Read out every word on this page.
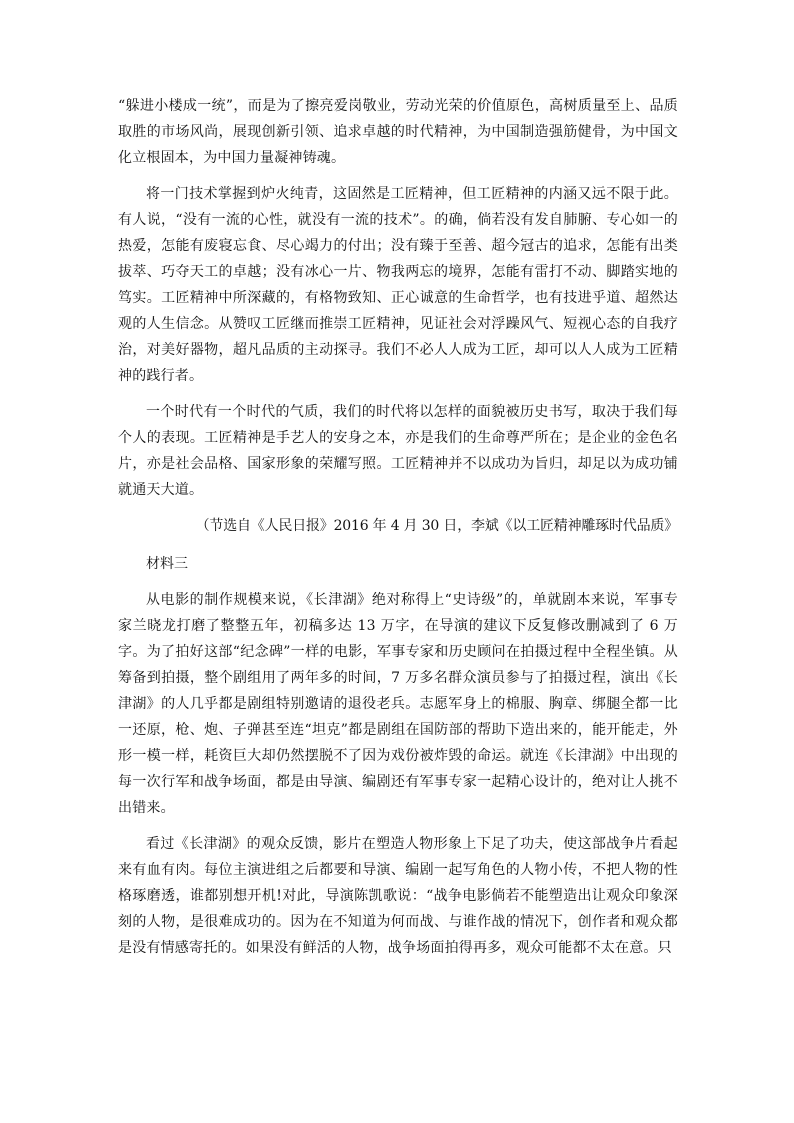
“躲进小楼成一统”，而是为了擦亮爱岗敬业，劳动光荣的价值原色，高树质量至上、品质取胜的市场风尚，展现创新引领、追求卓越的时代精神，为中国制造强筋健骨，为中国文化立根固本，为中国力量凝神铸魂。

将一门技术掌握到炉火纯青，这固然是工匠精神，但工匠精神的内涵又远不限于此。有人说，“没有一流的心性，就没有一流的技术”。的确，倘若没有发自肺腑、专心如一的热爱，怎能有废寝忘食、尽心竭力的付出；没有臻于至善、超今冠古的追求，怎能有出类拔萃、巧夺天工的卓越；没有冰心一片、物我两忘的境界，怎能有雷打不动、脚踏实地的笃实。工匠精神中所深藏的，有格物致知、正心诚意的生命哲学，也有技进乎道、超然达观的人生信念。从赞叹工匠继而推崇工匠精神，见证社会对浮躁风气、短视心态的自我疗治，对美好器物，超凡品质的主动探寻。我们不必人人成为工匠，却可以人人成为工匠精神的践行者。

一个时代有一个时代的气质，我们的时代将以怎样的面貌被历史书写，取决于我们每个人的表现。工匠精神是手艺人的安身之本，亦是我们的生命尊严所在；是企业的金色名片，亦是社会品格、国家形象的荣耀写照。工匠精神并不以成功为旨归，却足以为成功铺就通天大道。

（节选自《人民日报》2016 年 4 月 30 日，李斌《以工匠精神雕琢时代品质》

材料三

从电影的制作规模来说，《长津湖》绝对称得上“史诗级”的，单就剧本来说，军事专家兰晓龙打磨了整整五年，初稿多达 13 万字，在导演的建议下反复修改删减到了 6 万字。为了拍好这部“纪念碑”一样的电影，军事专家和历史顾问在拍摄过程中全程坐镇。从筹备到拍摄，整个剧组用了两年多的时间，7 万多名群众演员参与了拍摄过程，演出《长津湖》的人几乎都是剧组特别邀请的退役老兵。志愿军身上的棉服、胸章、绑腿全都一比一还原，枪、炮、子弹甚至连“坦克”都是剧组在国防部的帮助下造出来的，能开能走，外形一模一样，耗资巨大却仍然摆脱不了因为戏份被炸毁的命运。就连《长津湖》中出现的每一次行军和战争场面，都是由导演、编剧还有军事专家一起精心设计的，绝对让人挑不出错来。

看过《长津湖》的观众反馈，影片在塑造人物形象上下足了功夫，使这部战争片看起来有血有肉。每位主演进组之后都要和导演、编剧一起写角色的人物小传，不把人物的性格琢磨透，谁都别想开机!对此，导演陈凯歌说：“战争电影倘若不能塑造出让观众印象深刻的人物，是很难成功的。因为在不知道为何而战、与谁作战的情况下，创作者和观众都是没有情感寄托的。如果没有鲜活的人物，战争场面拍得再多，观众可能都不太在意。只
